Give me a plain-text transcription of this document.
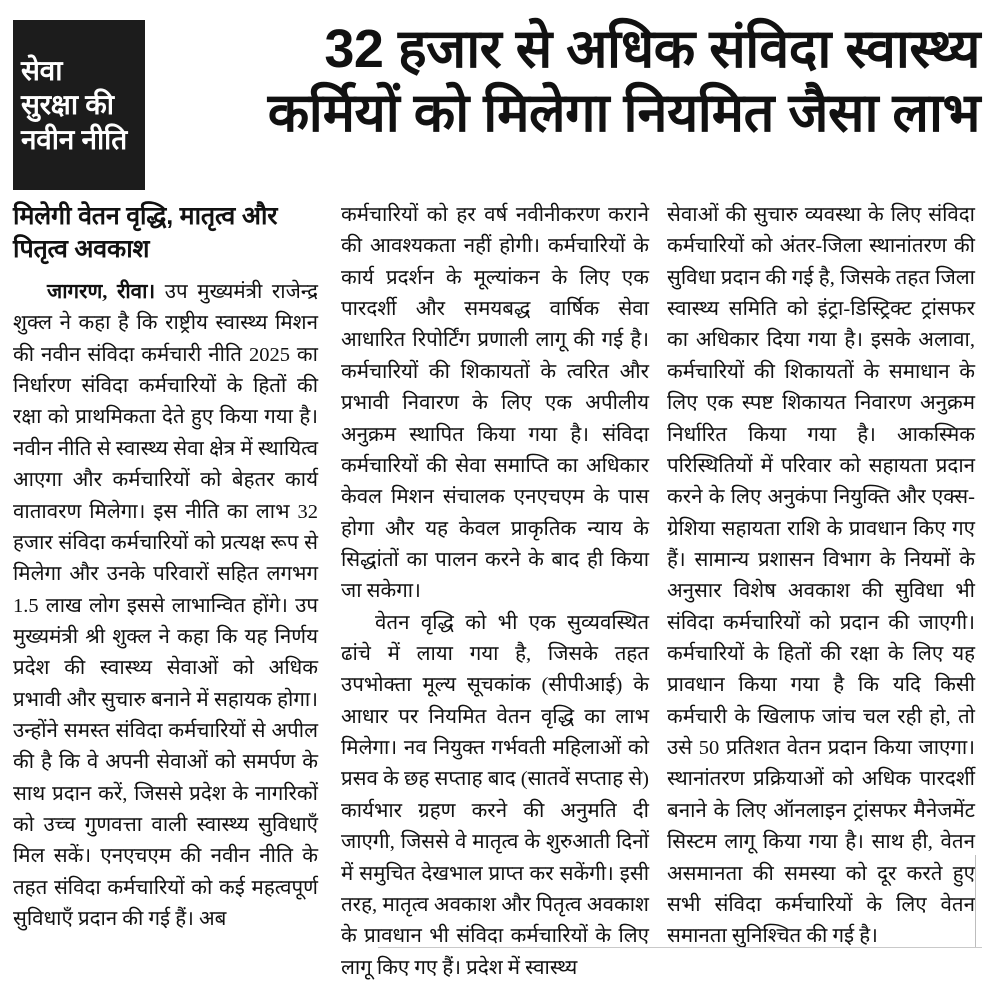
सेवा
सुरक्षा की
नवीन नीति
32 हजार से अधिक संविदा स्वास्थ्य
कर्मियों को मिलेगा नियमित जैसा लाभ
मिलेगी वेतन वृद्धि, मातृत्व और पितृत्व अवकाश

जागरण, रीवा। उप मुख्यमंत्री राजेन्द्र शुक्ल ने कहा है कि राष्ट्रीय स्वास्थ्य मिशन की नवीन संविदा कर्मचारी नीति 2025 का निर्धारण संविदा कर्मचारियों के हितों की रक्षा को प्राथमिकता देते हुए किया गया है। नवीन नीति से स्वास्थ्य सेवा क्षेत्र में स्थायित्व आएगा और कर्मचारियों को बेहतर कार्य वातावरण मिलेगा। इस नीति का लाभ 32 हजार संविदा कर्मचारियों को प्रत्यक्ष रूप से मिलेगा और उनके परिवारों सहित लगभग 1.5 लाख लोग इससे लाभान्वित होंगे। उप मुख्यमंत्री श्री शुक्ल ने कहा कि यह निर्णय प्रदेश की स्वास्थ्य सेवाओं को अधिक प्रभावी और सुचारु बनाने में सहायक होगा। उन्होंने समस्त संविदा कर्मचारियों से अपील की है कि वे अपनी सेवाओं को समर्पण के साथ प्रदान करें, जिससे प्रदेश के नागरिकों को उच्च गुणवत्ता वाली स्वास्थ्य सुविधाएँ मिल सकें। एनएचएम की नवीन नीति के तहत संविदा कर्मचारियों को कई महत्वपूर्ण सुविधाएँ प्रदान की गई हैं। अब

कर्मचारियों को हर वर्ष नवीनीकरण कराने की आवश्यकता नहीं होगी। कर्मचारियों के कार्य प्रदर्शन के मूल्यांकन के लिए एक पारदर्शी और समयबद्ध वार्षिक सेवा आधारित रिपोर्टिंग प्रणाली लागू की गई है। कर्मचारियों की शिकायतों के त्वरित और प्रभावी निवारण के लिए एक अपीलीय अनुक्रम स्थापित किया गया है। संविदा कर्मचारियों की सेवा समाप्ति का अधिकार केवल मिशन संचालक एनएचएम के पास होगा और यह केवल प्राकृतिक न्याय के सिद्धांतों का पालन करने के बाद ही किया जा सकेगा।

वेतन वृद्धि को भी एक सुव्यवस्थित ढांचे में लाया गया है, जिसके तहत उपभोक्ता मूल्य सूचकांक (सीपीआई) के आधार पर नियमित वेतन वृद्धि का लाभ मिलेगा। नव नियुक्त गर्भवती महिलाओं को प्रसव के छह सप्ताह बाद (सातवें सप्ताह से) कार्यभार ग्रहण करने की अनुमति दी जाएगी, जिससे वे मातृत्व के शुरुआती दिनों में समुचित देखभाल प्राप्त कर सकेंगी। इसी तरह, मातृत्व अवकाश और पितृत्व अवकाश के प्रावधान भी संविदा कर्मचारियों के लिए लागू किए गए हैं। प्रदेश में स्वास्थ्य

सेवाओं की सुचारु व्यवस्था के लिए संविदा कर्मचारियों को अंतर-जिला स्थानांतरण की सुविधा प्रदान की गई है, जिसके तहत जिला स्वास्थ्य समिति को इंट्रा-डिस्ट्रिक्ट ट्रांसफर का अधिकार दिया गया है। इसके अलावा, कर्मचारियों की शिकायतों के समाधान के लिए एक स्पष्ट शिकायत निवारण अनुक्रम निर्धारित किया गया है। आकस्मिक परिस्थितियों में परिवार को सहायता प्रदान करने के लिए अनुकंपा नियुक्ति और एक्स-ग्रेशिया सहायता राशि के प्रावधान किए गए हैं। सामान्य प्रशासन विभाग के नियमों के अनुसार विशेष अवकाश की सुविधा भी संविदा कर्मचारियों को प्रदान की जाएगी। कर्मचारियों के हितों की रक्षा के लिए यह प्रावधान किया गया है कि यदि किसी कर्मचारी के खिलाफ जांच चल रही हो, तो उसे 50 प्रतिशत वेतन प्रदान किया जाएगा। स्थानांतरण प्रक्रियाओं को अधिक पारदर्शी बनाने के लिए ऑनलाइन ट्रांसफर मैनेजमेंट सिस्टम लागू किया गया है। साथ ही, वेतन असमानता की समस्या को दूर करते हुए सभी संविदा कर्मचारियों के लिए वेतन समानता सुनिश्चित की गई है।
